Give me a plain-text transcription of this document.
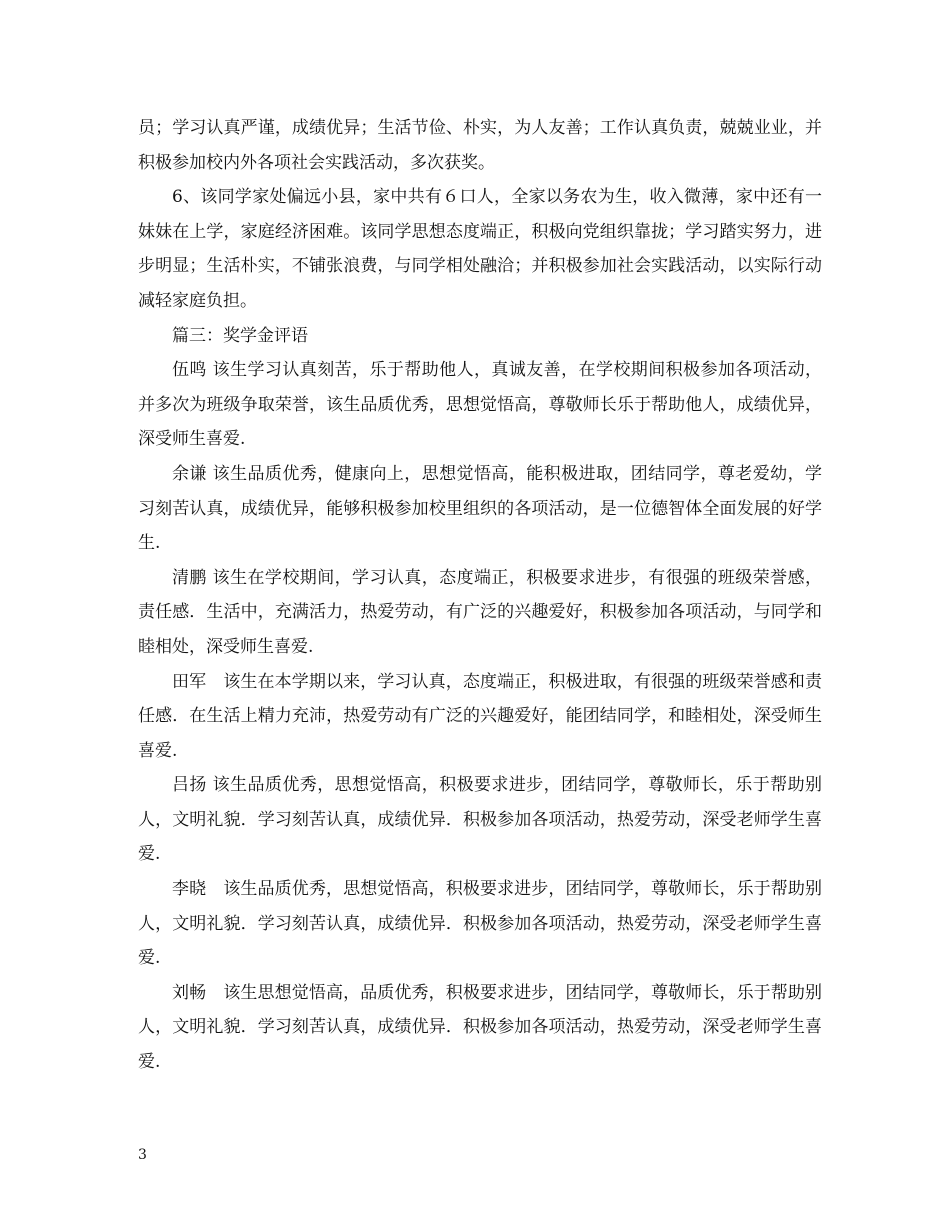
员；学习认真严谨，成绩优异；生活节俭、朴实，为人友善；工作认真负责，兢兢业业，并积极参加校内外各项社会实践活动，多次获奖。

6、该同学家处偏远小县，家中共有６口人，全家以务农为生，收入微薄，家中还有一妹妹在上学，家庭经济困难。该同学思想态度端正，积极向党组织靠拢；学习踏实努力，进步明显；生活朴实，不铺张浪费，与同学相处融洽；并积极参加社会实践活动，以实际行动减轻家庭负担。

篇三：奖学金评语

伍鸣 该生学习认真刻苦，乐于帮助他人，真诚友善，在学校期间积极参加各项活动，并多次为班级争取荣誉，该生品质优秀，思想觉悟高，尊敬师长乐于帮助他人，成绩优异，深受师生喜爱.

余谦 该生品质优秀，健康向上，思想觉悟高，能积极进取，团结同学，尊老爱幼，学习刻苦认真，成绩优异，能够积极参加校里组织的各项活动，是一位德智体全面发展的好学生.

清鹏 该生在学校期间，学习认真，态度端正，积极要求进步，有很强的班级荣誉感，责任感．生活中，充满活力，热爱劳动，有广泛的兴趣爱好，积极参加各项活动，与同学和睦相处，深受师生喜爱.

田军　该生在本学期以来，学习认真，态度端正，积极进取，有很强的班级荣誉感和责任感．在生活上精力充沛，热爱劳动有广泛的兴趣爱好，能团结同学，和睦相处，深受师生喜爱.

吕扬 该生品质优秀，思想觉悟高，积极要求进步，团结同学，尊敬师长，乐于帮助别人，文明礼貌．学习刻苦认真，成绩优异．积极参加各项活动，热爱劳动，深受老师学生喜爱.

李晓　该生品质优秀，思想觉悟高，积极要求进步，团结同学，尊敬师长，乐于帮助别人，文明礼貌．学习刻苦认真，成绩优异．积极参加各项活动，热爱劳动，深受老师学生喜爱.

刘畅　该生思想觉悟高，品质优秀，积极要求进步，团结同学，尊敬师长，乐于帮助别人，文明礼貌．学习刻苦认真，成绩优异．积极参加各项活动，热爱劳动，深受老师学生喜爱.

3
